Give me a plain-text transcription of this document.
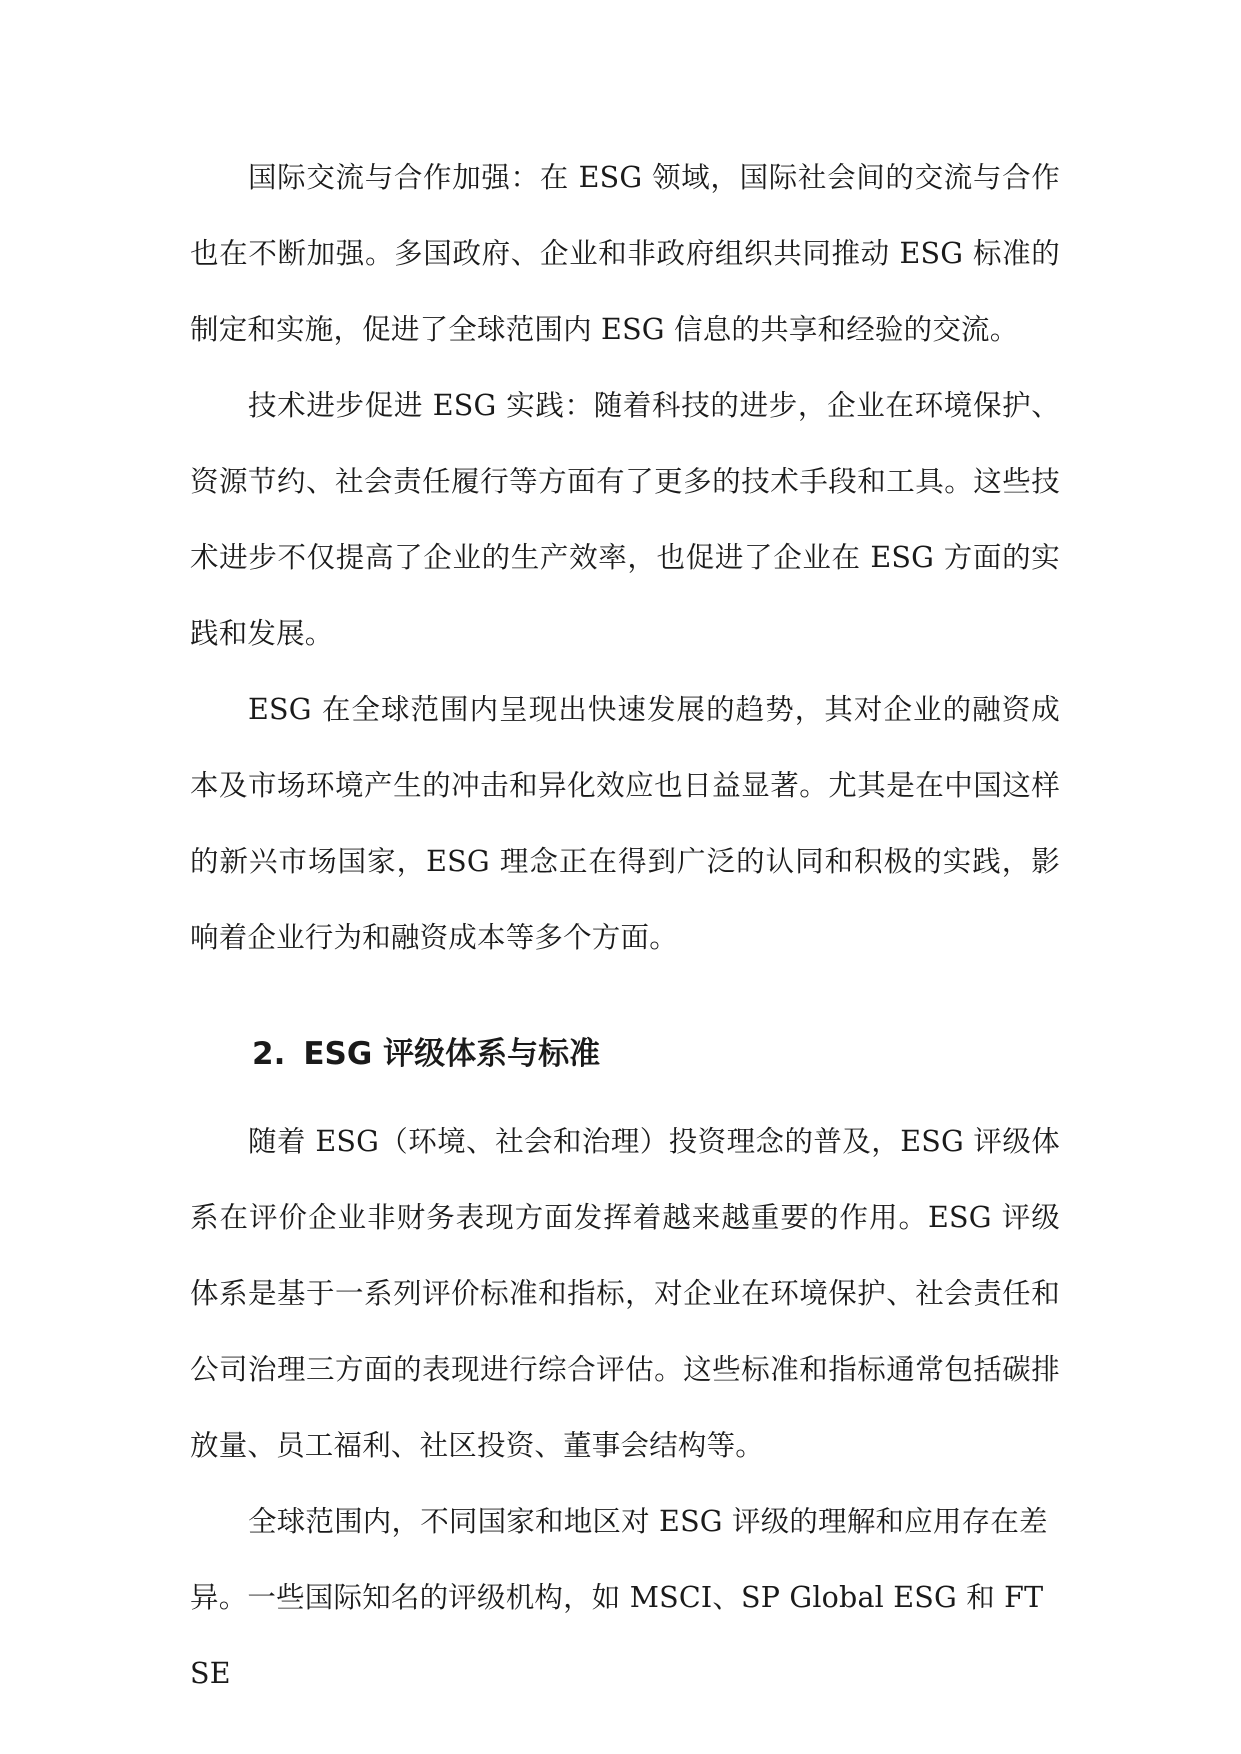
国际交流与合作加强：在 ESG 领域，国际社会间的交流与合作也在不断加强。多国政府、企业和非政府组织共同推动 ESG 标准的制定和实施，促进了全球范围内 ESG 信息的共享和经验的交流。

技术进步促进 ESG 实践：随着科技的进步，企业在环境保护、资源节约、社会责任履行等方面有了更多的技术手段和工具。这些技术进步不仅提高了企业的生产效率，也促进了企业在 ESG 方面的实践和发展。

ESG 在全球范围内呈现出快速发展的趋势，其对企业的融资成本及市场环境产生的冲击和异化效应也日益显著。尤其是在中国这样的新兴市场国家，ESG 理念正在得到广泛的认同和积极的实践，影响着企业行为和融资成本等多个方面。

2. ESG 评级体系与标准

随着 ESG（环境、社会和治理）投资理念的普及，ESG 评级体系在评价企业非财务表现方面发挥着越来越重要的作用。ESG 评级体系是基于一系列评价标准和指标，对企业在环境保护、社会责任和公司治理三方面的表现进行综合评估。这些标准和指标通常包括碳排放量、员工福利、社区投资、董事会结构等。

全球范围内，不同国家和地区对 ESG 评级的理解和应用存在差异。一些国际知名的评级机构，如 MSCI、SP Global ESG 和 FTSE
